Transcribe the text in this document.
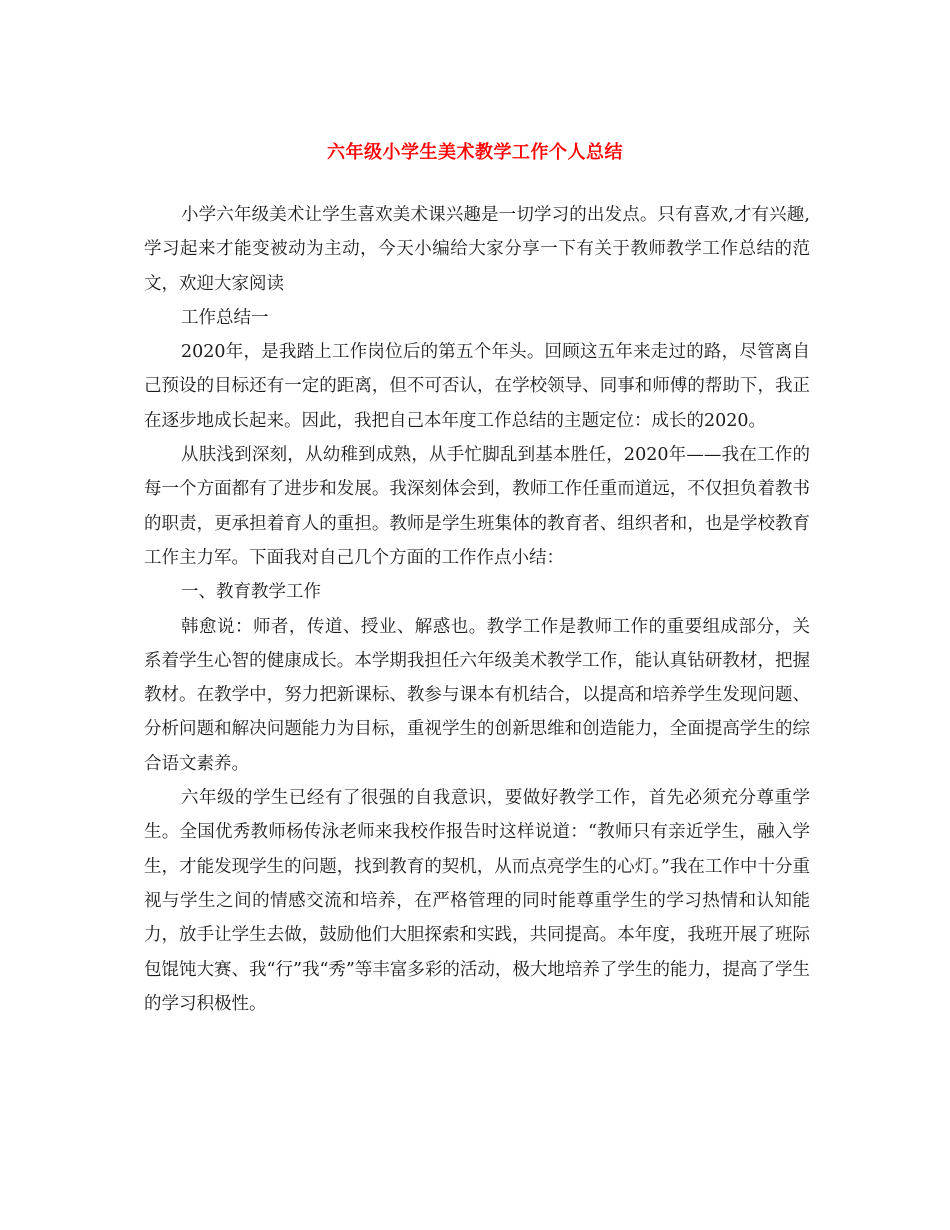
六年级小学生美术教学工作个人总结

小学六年级美术让学生喜欢美术课兴趣是一切学习的出发点。只有喜欢,才有兴趣,学习起来才能变被动为主动，今天小编给大家分享一下有关于教师教学工作总结的范文，欢迎大家阅读

工作总结一

2020年，是我踏上工作岗位后的第五个年头。回顾这五年来走过的路，尽管离自己预设的目标还有一定的距离，但不可否认，在学校领导、同事和师傅的帮助下，我正在逐步地成长起来。因此，我把自己本年度工作总结的主题定位：成长的2020。

从肤浅到深刻，从幼稚到成熟，从手忙脚乱到基本胜任，2020年——我在工作的每一个方面都有了进步和发展。我深刻体会到，教师工作任重而道远，不仅担负着教书的职责，更承担着育人的重担。教师是学生班集体的教育者、组织者和，也是学校教育工作主力军。下面我对自己几个方面的工作作点小结：

一、教育教学工作

韩愈说：师者，传道、授业、解惑也。教学工作是教师工作的重要组成部分，关系着学生心智的健康成长。本学期我担任六年级美术教学工作，能认真钻研教材，把握教材。在教学中，努力把新课标、教参与课本有机结合，以提高和培养学生发现问题、分析问题和解决问题能力为目标，重视学生的创新思维和创造能力，全面提高学生的综合语文素养。

六年级的学生已经有了很强的自我意识，要做好教学工作，首先必须充分尊重学生。全国优秀教师杨传泳老师来我校作报告时这样说道：“教师只有亲近学生，融入学生，才能发现学生的问题，找到教育的契机，从而点亮学生的心灯。”我在工作中十分重视与学生之间的情感交流和培养，在严格管理的同时能尊重学生的学习热情和认知能力，放手让学生去做，鼓励他们大胆探索和实践，共同提高。本年度，我班开展了班际包馄饨大赛、我“行”我“秀”等丰富多彩的活动，极大地培养了学生的能力，提高了学生的学习积极性。
